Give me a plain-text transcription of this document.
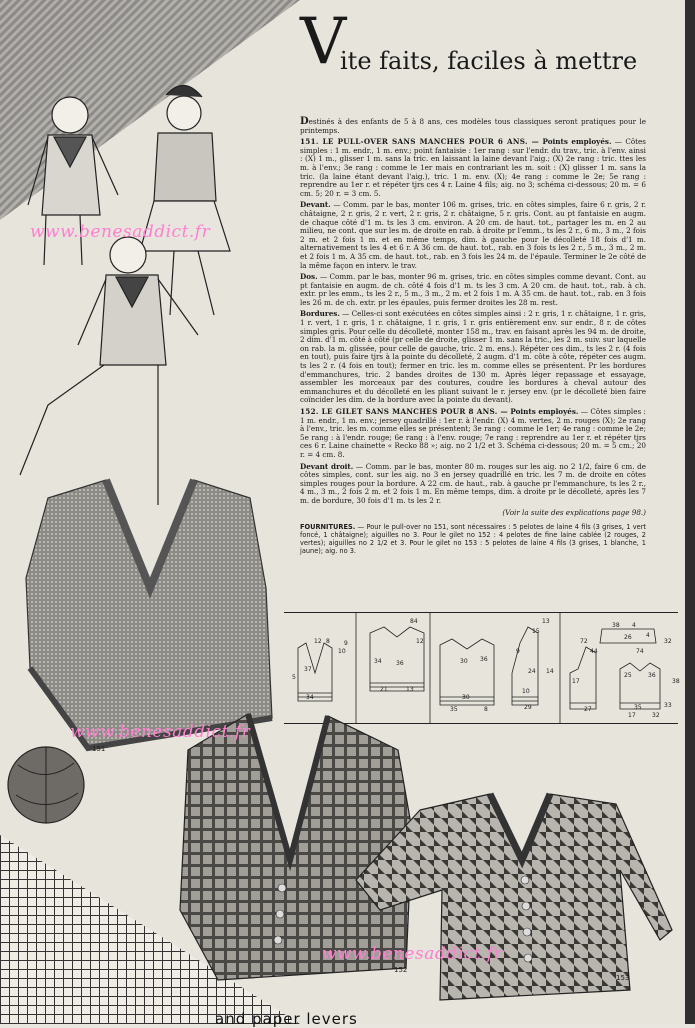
V
ite faits, faciles à mettre

Destinés à des enfants de 5 à 8 ans, ces modèles tous classiques seront pratiques pour le printemps.

151. LE PULL-OVER SANS MANCHES POUR 6 ANS. — Points employés. — Côtes simples : 1 m. endr., 1 m. env.; point fantaisie : 1er rang : sur l'endr. du trav., tric. à l'env. ainsi : (X) 1 m., glisser 1 m. sans la tric. en laissant la laine devant l'aig.; (X) 2e rang : tric. ttes les m. à l'env.; 3e rang : comme le 1er mais en contrariant les m. soit : (X) glisser 1 m. sans la tric. (la laine étant devant l'aig.), tric. 1 m. env. (X); 4e rang : comme le 2e; 5e rang : reprendre au 1er r. et répéter tjrs ces 4 r. Laine 4 fils; aig. no 3; schéma ci-dessous; 20 m. = 6 cm. 5; 20 r. = 3 cm. 5.

Devant. — Comm. par le bas, monter 106 m. grises, tric. en côtes simples, faire 6 r. gris, 2 r. châtaigne, 2 r. gris, 2 r. vert, 2 r. gris, 2 r. châtaigne, 5 r. gris. Cont. au pt fantaisie en augm. de chaque côté d'1 m. ts les 3 cm. environ. A 20 cm. de haut. tot., partager les m. en 2 au milieu, ne cont. que sur les m. de droite en rab. à droite pr l'emm., ts les 2 r., 6 m., 3 m., 2 fois 2 m. et 2 fois 1 m. et en même temps, dim. à gauche pour le décolleté 18 fois d'1 m. alternativement ts les 4 et 6 r. A 36 cm. de haut. tot., rab. en 3 fois ts les 2 r., 5 m., 3 m., 2 m. et 2 fois 1 m. A 35 cm. de haut. tot., rab. en 3 fois les 24 m. de l'épaule. Terminer le 2e côté de la même façon en interv. le trav.

Dos. — Comm. par le bas, monter 96 m. grises, tric. en côtes simples comme devant. Cont. au pt fantaisie en augm. de ch. côté 4 fois d'1 m. ts les 3 cm. A 20 cm. de haut. tot., rab. à ch. extr. pr les emm., ts les 2 r., 5 m., 3 m., 2 m. et 2 fois 1 m. A 35 cm. de haut. tot., rab. en 3 fois les 26 m. de ch. extr. pr les épaules, puis fermer droites les 28 m. rest.

Bordures. — Celles-ci sont exécutées en côtes simples ainsi : 2 r. gris, 1 r. châtaigne, 1 r. gris, 1 r. vert, 1 r. gris, 1 r. châtaigne, 1 r. gris, 1 r. gris entièrement env. sur endr., 8 r. de côtes simples gris. Pour celle du décolleté, monter 158 m., trav. en faisant après les 94 m. de droite, 2 dim. d'1 m. côté à côté (pr celle de droite, glisser 1 m. sans la tric., les 2 m. suiv. sur laquelle on rab. la m. glissée, pour celle de gauche, tric. 2 m. ens.). Répéter ces dim., ts les 2 r. (4 fois en tout), puis faire tjrs à la pointe du décolleté, 2 augm. d'1 m. côte à côte, répéter ces augm. ts les 2 r. (4 fois en tout); fermer en tric. les m. comme elles se présentent. Pr les bordures d'emmanchures, tric. 2 bandes droites de 130 m. Après léger repassage et essayage, assembler les morceaux par des coutures, coudre les bordures à cheval autour des emmanchures et du décolleté en les pliant suivant le r. jersey env. (pr le décolleté bien faire coïncider les dim. de la bordure avec la pointe du devant).

152. LE GILET SANS MANCHES POUR 8 ANS. — Points employés. — Côtes simples : 1 m. endr., 1 m. env.; jersey quadrillé : 1er r. à l'endr. (X) 4 m. vertes, 2 m. rouges (X); 2e rang à l'env., tric. les m. comme elles se présentent; 3e rang : comme le 1er; 4e rang : comme le 2e; 5e rang : à l'endr. rouge; 6e rang : à l'env. rouge; 7e rang : reprendre au 1er r. et répéter tjrs ces 6 r. Laine chainette « Recko 88 »; aig. no 2 1/2 et 3. Schéma ci-dessous; 20 m. = 5 cm.; 20 r. = 4 cm. 8.

Devant droit. — Comm. par le bas, monter 80 m. rouges sur les aig. no 2 1/2, faire 6 cm. de côtes simples, cont. sur les aig. no 3 en jersey quadrillé en tric. les 7 m. de droite en côtes simples rouges pour la bordure. A 22 cm. de haut., rab. à gauche pr l'emmanchure, ts les 2 r., 4 m., 3 m., 2 fois 2 m. et 2 fois 1 m. En même temps, dim. à droite pr le décolleté, après les 7 m. de bordure, 30 fois d'1 m. ts les 2 r.

(Voir la suite des explications page 98.)

FOURNITURES. — Pour le pull-over no 151, sont nécessaires : 5 pelotes de laine 4 fils (3 grises, 1 vert foncé, 1 châtaigne); aiguilles no 3. Pour le gilet no 152 : 4 pelotes de fine laine cablée (2 rouges, 2 vertes); aiguilles no 2 1/2 et 3. Pour le gilet no 153 : 5 pelotes de laine 4 fils (3 grises, 1 blanche, 1 jaune); aig. no 3.

12 8
37
5
34
10
9
84
34 36
21	13
12
30 36
30
35	8
9
15
24
10
29
13
14
38 4
4
27
17
44
72
26
32
74
25	36
35	33
17	32
38
151
152
153
www.benesaddict.fr
www.benesaddict.fr
www.benesaddict.fr
and paper levers
